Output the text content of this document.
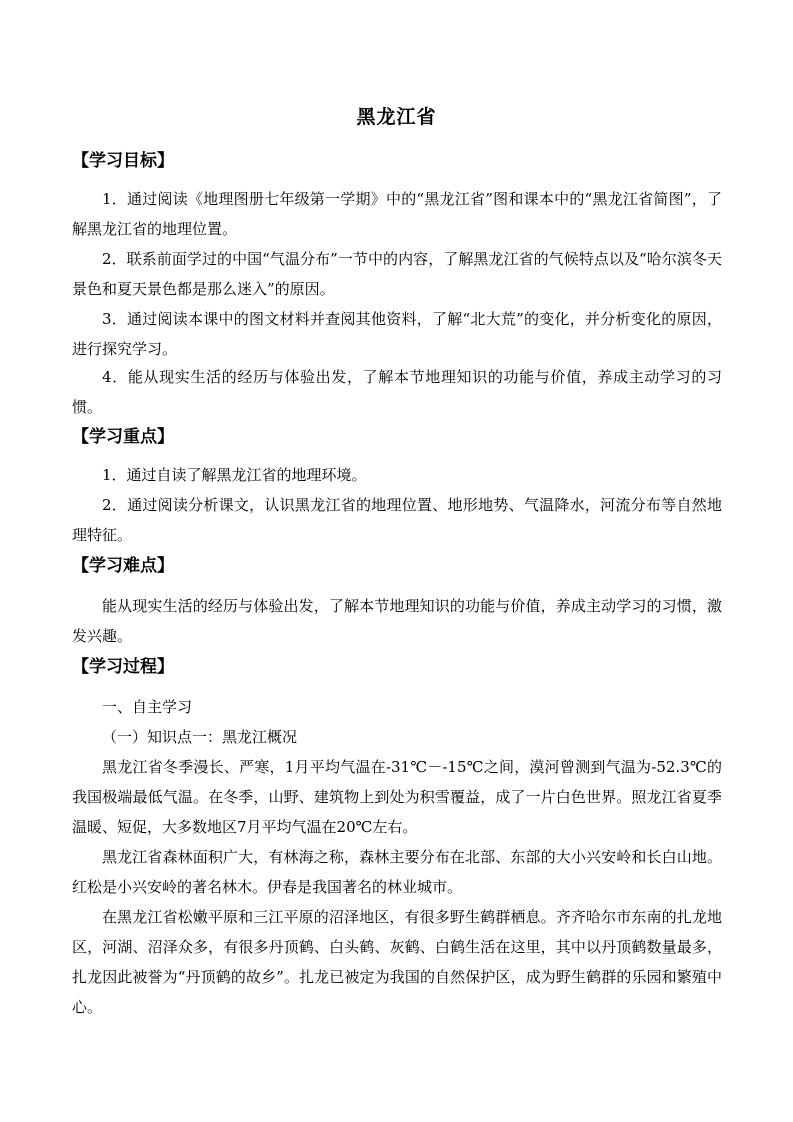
黑龙江省
【学习目标】

1．通过阅读《地理图册七年级第一学期》中的“黑龙江省”图和课本中的“黑龙江省简图”，了解黑龙江省的地理位置。

2．联系前面学过的中国“气温分布”一节中的内容，了解黑龙江省的气候特点以及“哈尔滨冬天景色和夏天景色都是那么迷入”的原因。

3．通过阅读本课中的图文材料并查阅其他资料，了解“北大荒”的变化，并分析变化的原因，进行探究学习。

4．能从现实生活的经历与体验出发，了解本节地理知识的功能与价值，养成主动学习的习惯。

【学习重点】

1．通过自读了解黑龙江省的地理环境。

2．通过阅读分析课文，认识黑龙江省的地理位置、地形地势、气温降水，河流分布等自然地理特征。

【学习难点】

能从现实生活的经历与体验出发，了解本节地理知识的功能与价值，养成主动学习的习惯，激发兴趣。

【学习过程】

一、自主学习

（一）知识点一：黑龙江概况

黑龙江省冬季漫长、严寒，1月平均气温在-31℃－-15℃之间，漠河曾测到气温为-52.3℃的我国极端最低气温。在冬季，山野、建筑物上到处为积雪覆益，成了一片白色世界。照龙江省夏季温暖、短促，大多数地区7月平均气温在20℃左右。

黑龙江省森林面积广大，有林海之称，森林主要分布在北部、东部的大小兴安岭和长白山地。红松是小兴安岭的著名林木。伊春是我国著名的林业城市。

在黑龙江省松嫩平原和三江平原的沼泽地区，有很多野生鹤群栖息。齐齐哈尔市东南的扎龙地区，河湖、沼泽众多，有很多丹顶鹤、白头鹤、灰鹤、白鹤生活在这里，其中以丹顶鹤数量最多，扎龙因此被誉为“丹顶鹤的故乡”。扎龙已被定为我国的自然保护区，成为野生鹤群的乐园和繁殖中心。
